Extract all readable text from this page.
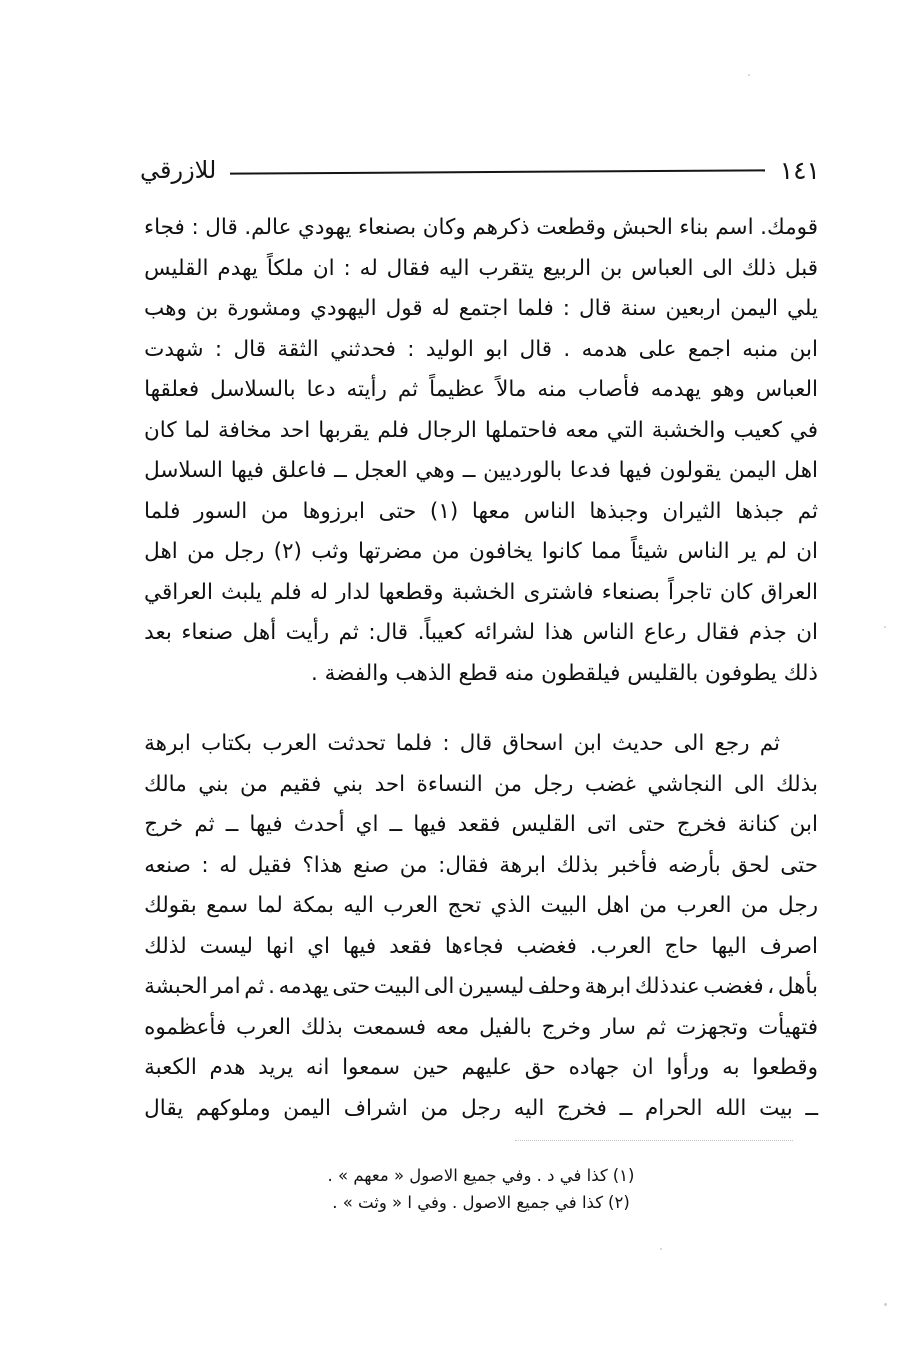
للازرقي	١٤١
قومك.
اسم
بناء
الحبش
وقطعت
ذكرهم
وكان
بصنعاء
يهودي
عالم.
قال
:
فجاء
قبل
ذلك
الى
العباس
بن
الربيع
يتقرب
اليه
فقال
له
:
ان
ملكاً
يهدم
القليس
يلي
اليمن
اربعين
سنة
قال
:
فلما
اجتمع
له
قول
اليهودي
ومشورة
بن
وهب
ابن
منبه
اجمع
على
هدمه
.
قال
ابو
الوليد
:
فحدثني
الثقة
قال
:
شهدت
العباس
وهو
يهدمه
فأصاب
منه
مالاً
عظيماً
ثم
رأيته
دعا
بالسلاسل
فعلقها
في
كعيب
والخشبة
التي
معه
فاحتملها
الرجال
فلم
يقربها
احد
مخافة
لما
كان
اهل
اليمن
يقولون
فيها
فدعا
بالورديين
ــ
وهي
العجل
ــ
فاعلق
فيها
السلاسل
ثم
جبذها
الثيران
وجبذها
الناس
معها
(١)
حتى
ابرزوها
من
السور
فلما
ان
لم
ير
الناس
شيئاً
مما
كانوا
يخافون
من
مضرتها
وثب
(٢)
رجل
من
اهل
العراق
كان
تاجراً
بصنعاء
فاشترى
الخشبة
وقطعها
لدار
له
فلم
يلبث
العراقي
ان
جذم
فقال
رعاع
الناس
هذا
لشرائه
كعيباً.
قال:
ثم
رأيت
أهل
صنعاء
بعد
ذلك يطوفون بالقليس فيلقطون منه قطع الذهب والفضة .
ثم
رجع
الى
حديث
ابن
اسحاق
قال
:
فلما
تحدثت
العرب
بكتاب
ابرهة
بذلك
الى
النجاشي
غضب
رجل
من
النساءة
احد
بني
فقيم
من
بني
مالك
ابن
كنانة
فخرج
حتى
اتى
القليس
فقعد
فيها
ــ
اي
أحدث
فيها
ــ
ثم
خرج
حتى
لحق
بأرضه
فأخبر
بذلك
ابرهة
فقال:
من
صنع
هذا؟
فقيل
له
:
صنعه
رجل
من
العرب
من
اهل
البيت
الذي
تحج
العرب
اليه
بمكة
لما
سمع
بقولك
اصرف
اليها
حاج
العرب.
فغضب
فجاءها
فقعد
فيها
اي
انها
ليست
لذلك
بأهل
،
فغضب
عندذلك
ابرهة
وحلف
ليسيرن
الى
البيت
حتى
يهدمه
.
ثم
امر
الحبشة
فتهيأت
وتجهزت
ثم
سار
وخرج
بالفيل
معه
فسمعت
بذلك
العرب
فأعظموه
وقطعوا
به
ورأوا
ان
جهاده
حق
عليهم
حين
سمعوا
انه
يريد
هدم
الكعبة
ــ
بيت
الله
الحرام
ــ
فخرج
اليه
رجل
من
اشراف
اليمن
وملوكهم
يقال

(١)كذا في د . وفي جميع الاصول « معهم » .

(٢)كذا في جميع الاصول . وفي ا « وثت » .
